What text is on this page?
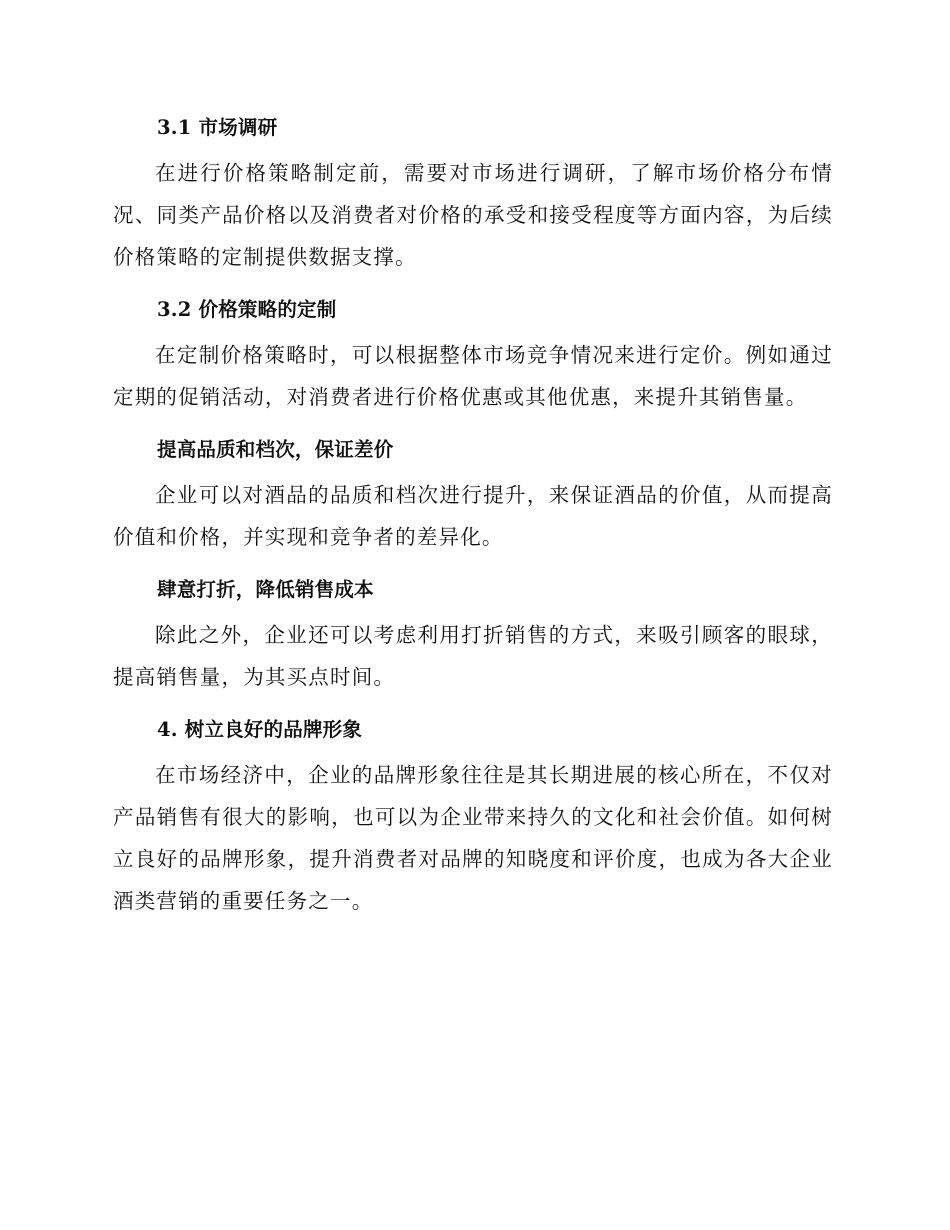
3.1 市场调研

在进行价格策略制定前，需要对市场进行调研，了解市场价格分布情况、同类产品价格以及消费者对价格的承受和接受程度等方面内容，为后续价格策略的定制提供数据支撑。

3.2 价格策略的定制

在定制价格策略时，可以根据整体市场竞争情况来进行定价。例如通过定期的促销活动，对消费者进行价格优惠或其他优惠，来提升其销售量。

提高品质和档次，保证差价

企业可以对酒品的品质和档次进行提升，来保证酒品的价值，从而提高价值和价格，并实现和竞争者的差异化。

肆意打折，降低销售成本

除此之外，企业还可以考虑利用打折销售的方式，来吸引顾客的眼球，提高销售量，为其买点时间。

4. 树立良好的品牌形象

在市场经济中，企业的品牌形象往往是其长期进展的核心所在，不仅对产品销售有很大的影响，也可以为企业带来持久的文化和社会价值。如何树立良好的品牌形象，提升消费者对品牌的知晓度和评价度，也成为各大企业酒类营销的重要任务之一。
